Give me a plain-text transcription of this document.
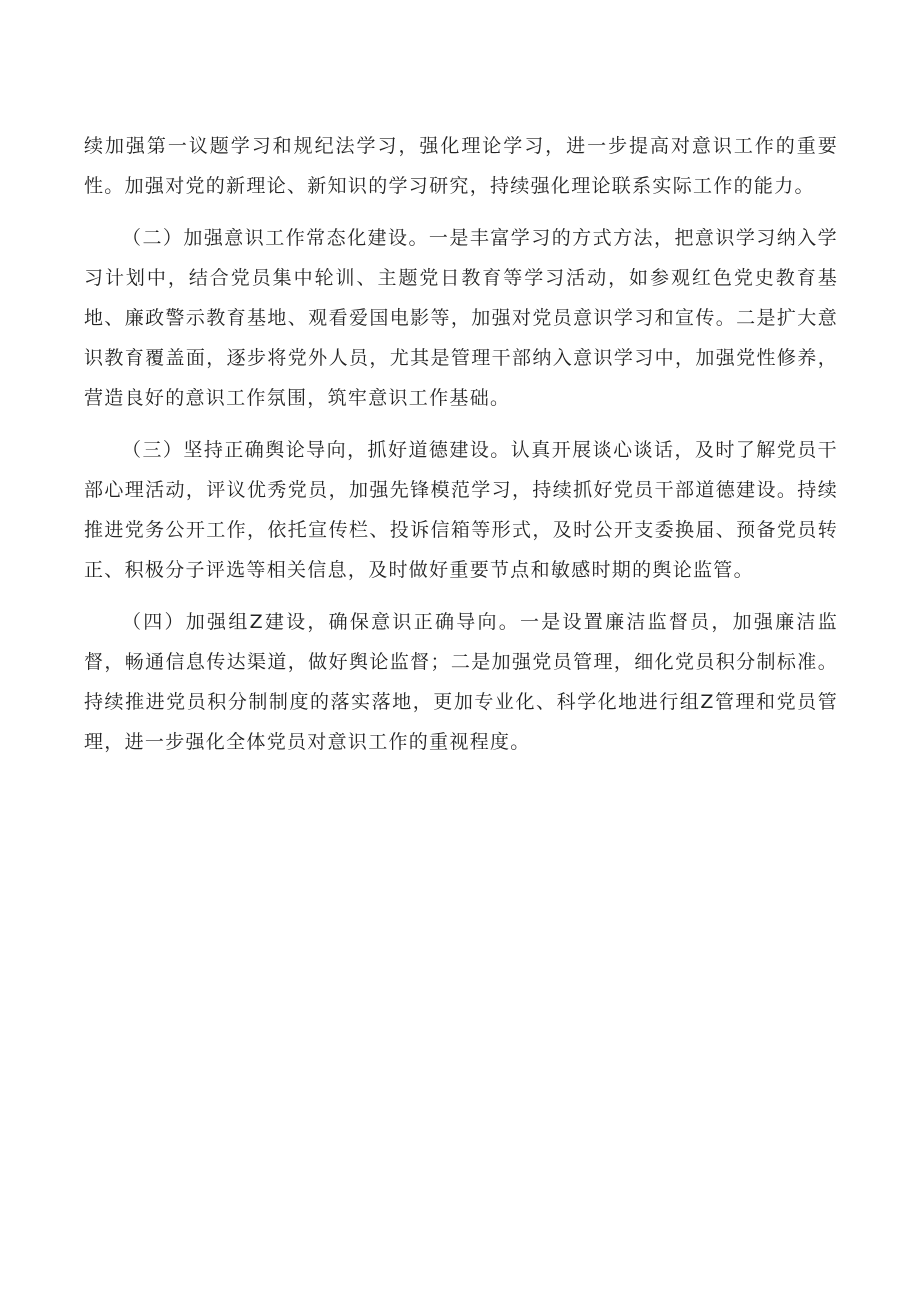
续加强第一议题学习和规纪法学习，强化理论学习，进一步提高对意识工作的重要性。加强对党的新理论、新知识的学习研究，持续强化理论联系实际工作的能力。

（二）加强意识工作常态化建设。一是丰富学习的方式方法，把意识学习纳入学习计划中，结合党员集中轮训、主题党日教育等学习活动，如参观红色党史教育基地、廉政警示教育基地、观看爱国电影等，加强对党员意识学习和宣传。二是扩大意识教育覆盖面，逐步将党外人员，尤其是管理干部纳入意识学习中，加强党性修养，营造良好的意识工作氛围，筑牢意识工作基础。

（三）坚持正确舆论导向，抓好道德建设。认真开展谈心谈话，及时了解党员干部心理活动，评议优秀党员，加强先锋模范学习，持续抓好党员干部道德建设。持续推进党务公开工作，依托宣传栏、投诉信箱等形式，及时公开支委换届、预备党员转正、积极分子评选等相关信息，及时做好重要节点和敏感时期的舆论监管。

（四）加强组Z建设，确保意识正确导向。一是设置廉洁监督员，加强廉洁监督，畅通信息传达渠道，做好舆论监督；二是加强党员管理，细化党员积分制标准。持续推进党员积分制制度的落实落地，更加专业化、科学化地进行组Z管理和党员管理，进一步强化全体党员对意识工作的重视程度。
